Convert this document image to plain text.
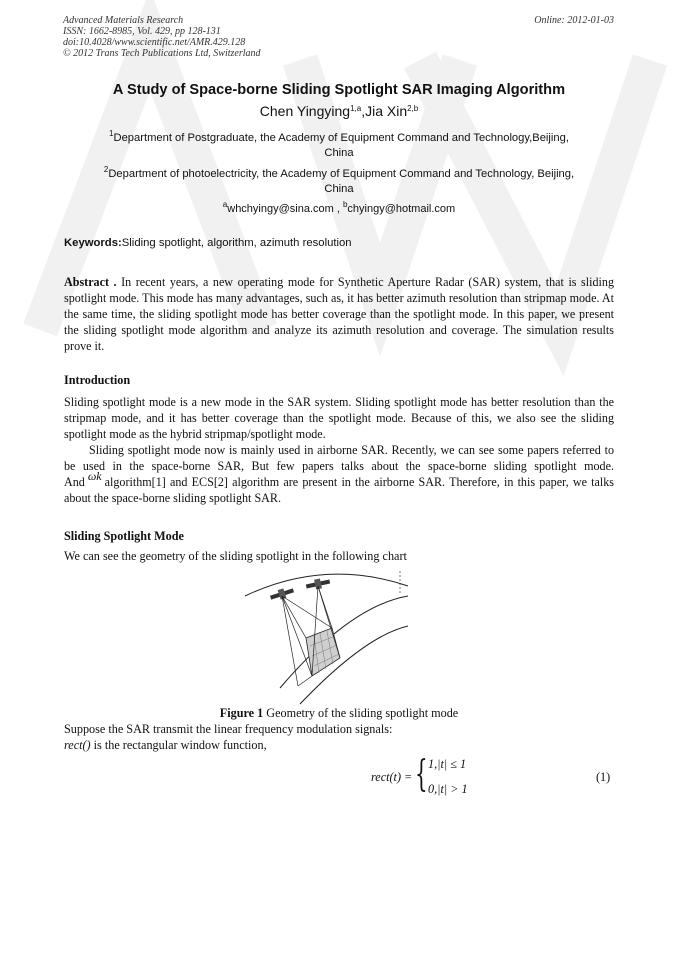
Advanced Materials Research
ISSN: 1662-8985, Vol. 429, pp 128-131
doi:10.4028/www.scientific.net/AMR.429.128
© 2012 Trans Tech Publications Ltd, Switzerland
Online: 2012-01-03
A Study of Space-borne Sliding Spotlight SAR Imaging Algorithm
Chen Yingying$^{1,a}$,Jia Xin$^{2,b}$
$^1$Department of Postgraduate, the Academy of Equipment Command and Technology,Beijing,
China
$^2$Department of photoelectricity, the Academy of Equipment Command and Technology, Beijing,
China
$^a$whchyingy@sina.com , $^b$chyingy@hotmail.com
Keywords:Sliding spotlight, algorithm, azimuth resolution

Abstract . In recent years, a new operating mode for Synthetic Aperture Radar (SAR) system, that is sliding spotlight mode. This mode has many advantages, such as, it has better azimuth resolution than stripmap mode. At the same time, the sliding spotlight mode has better coverage than the spotlight mode. In this paper, we present the sliding spotlight mode algorithm and analyze its azimuth resolution and coverage. The simulation results prove it.

Introduction

Sliding spotlight mode is a new mode in the SAR system. Sliding spotlight mode has better resolution than the stripmap mode, and it has better coverage than the spotlight mode. Because of this, we also see the sliding spotlight mode as the hybrid stripmap/spotlight mode.

Sliding spotlight mode now is mainly used in airborne SAR. Recently, we can see some papers referred to be used in the space-borne SAR, But few papers talks about the space-borne sliding spotlight mode. And ωk algorithm[1] and ECS[2] algorithm are present in the airborne SAR. Therefore, in this paper, we talks about the space-borne sliding spotlight SAR.

Sliding Spotlight Mode
We can see the geometry of the sliding spotlight in the following chart
Figure 1 Geometry of the sliding spotlight mode
Suppose the SAR transmit the linear frequency modulation signals:
rect() is the rectangular window function,
rect(t) = { 1,|t| ≤ 1
0,|t| > 1
(1)
